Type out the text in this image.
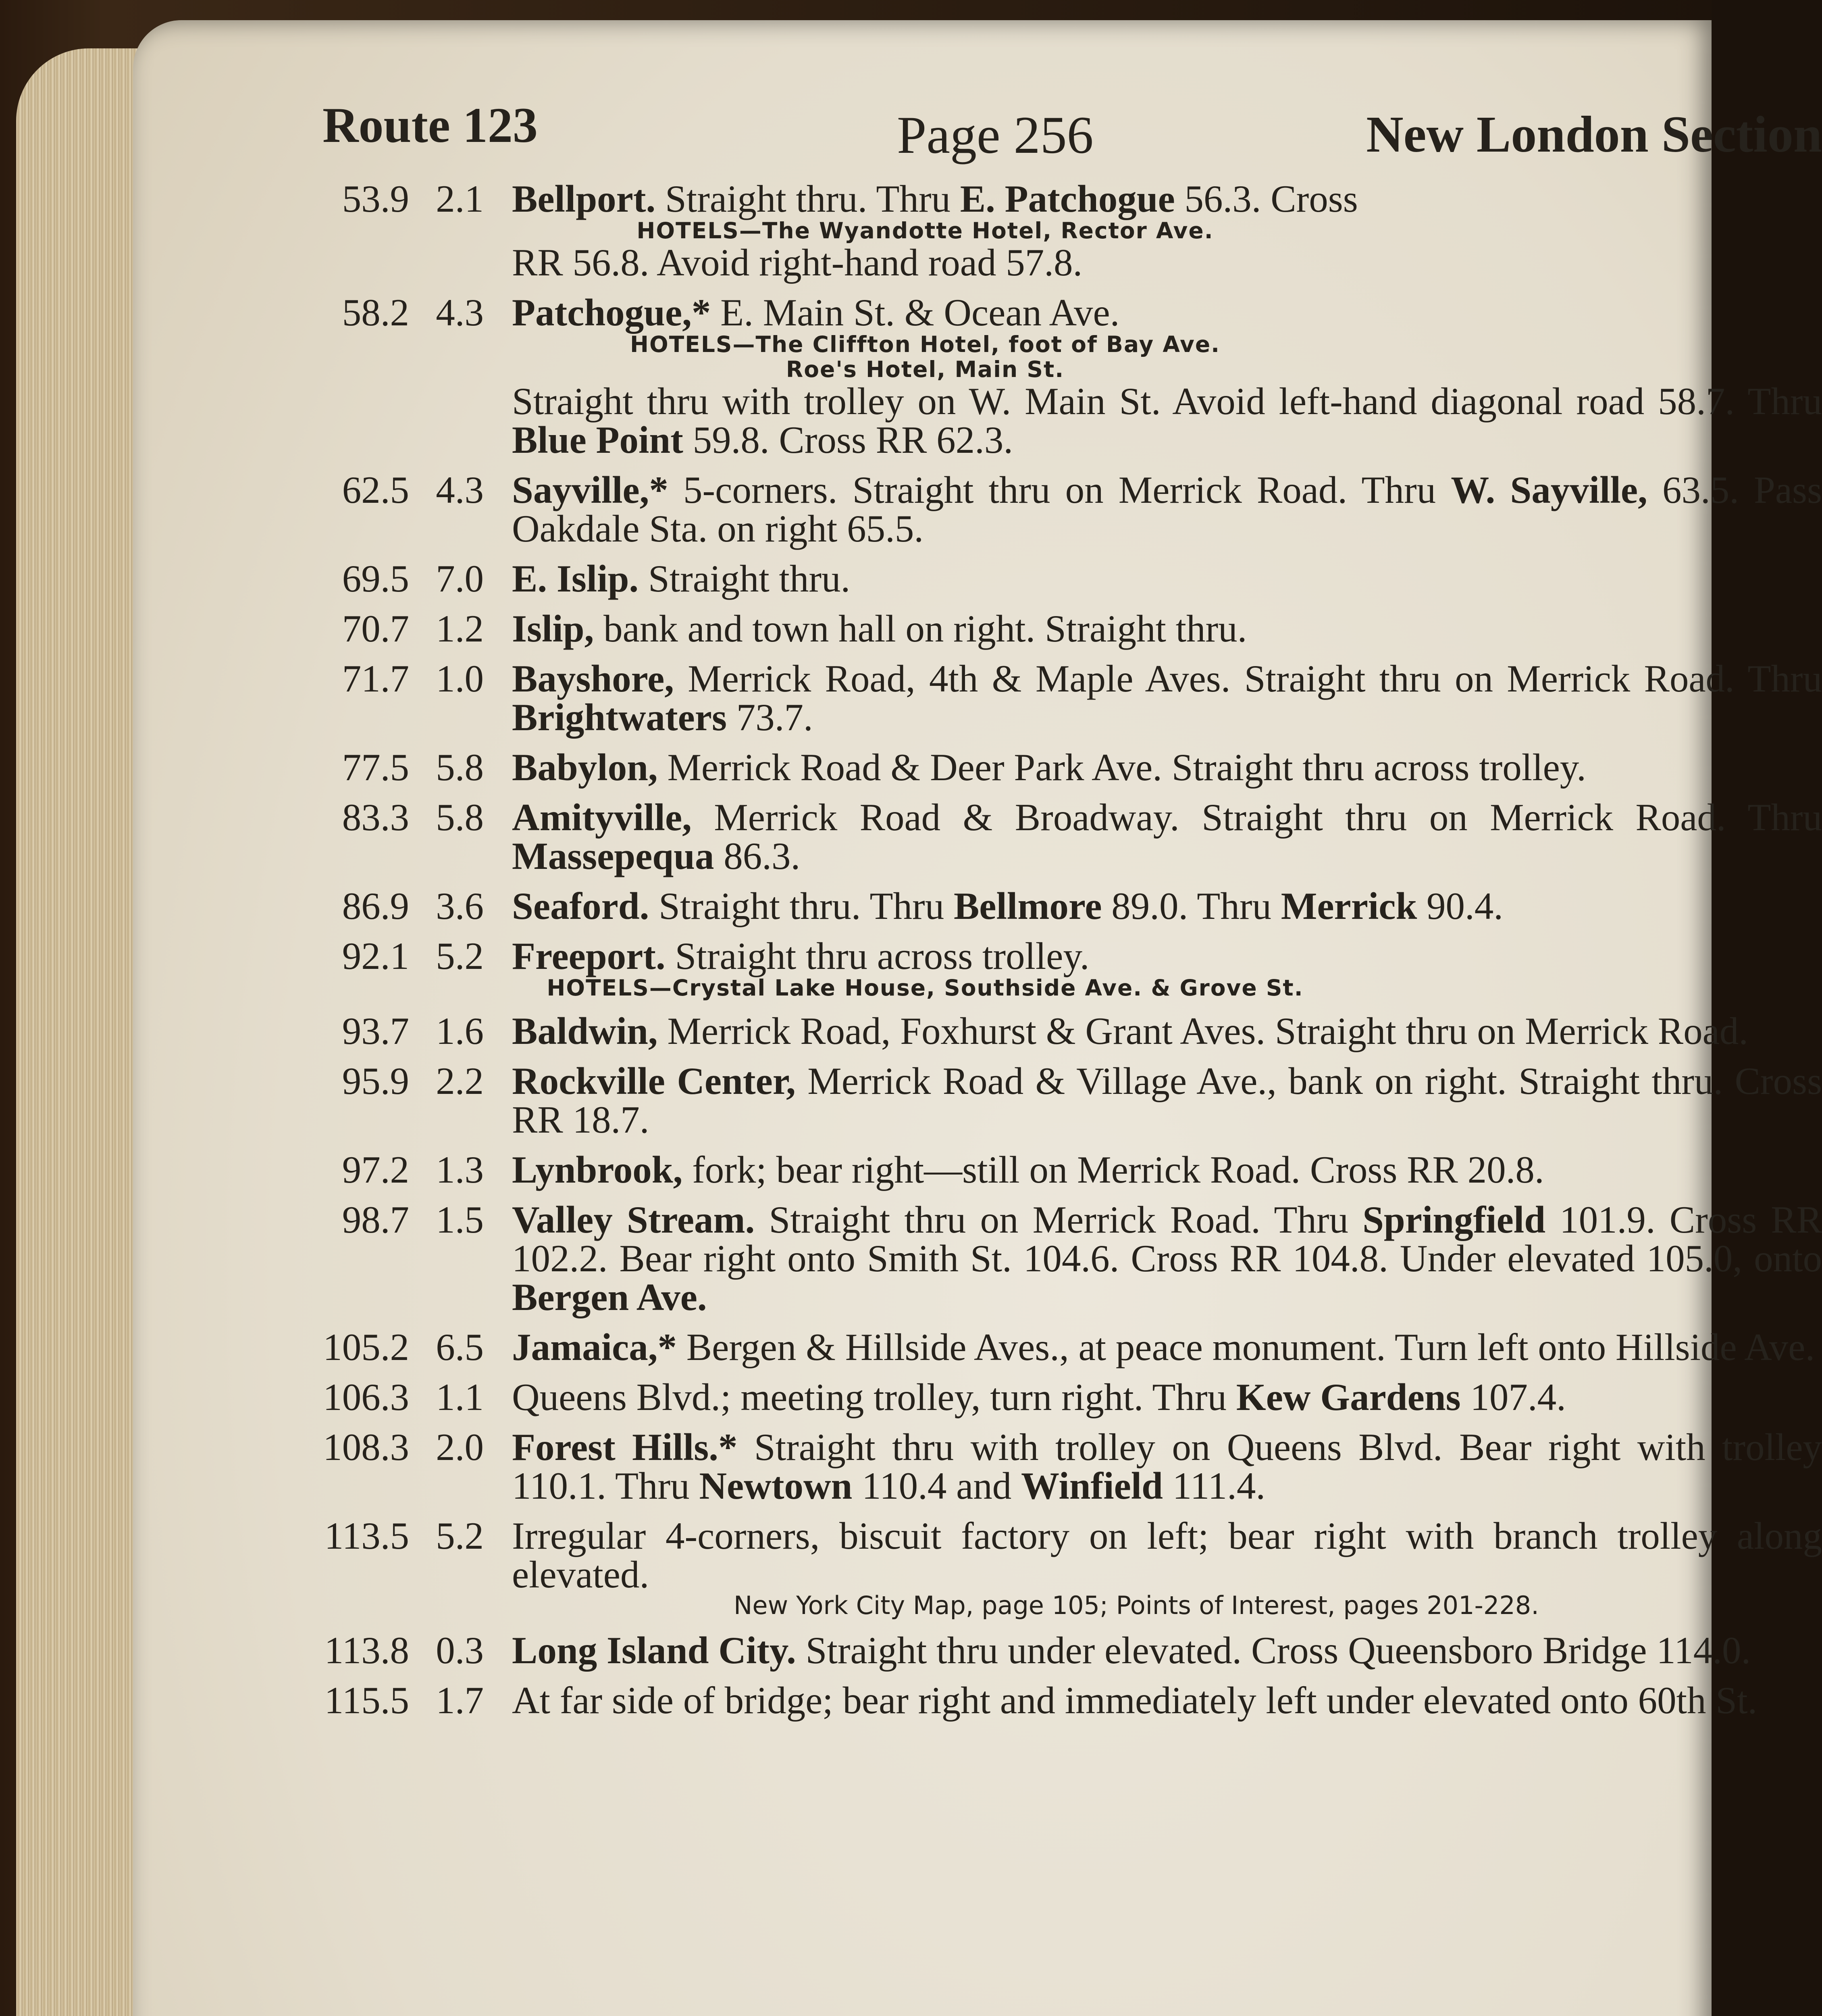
Route 123	Page 256	New London Section
53.9 2.1 Bellport. Straight thru. Thru E. Patchogue 56.3. Cross
HOTELS—The Wyandotte Hotel, Rector Ave.
RR 56.8. Avoid right-hand road 57.8.
58.2 4.3 Patchogue,* E. Main St. & Ocean Ave.
HOTELS—The Cliffton Hotel, foot of Bay Ave.
Roe's Hotel, Main St.
Straight thru with trolley on W. Main St. Avoid left-hand diagonal road 58.7. Thru Blue Point 59.8. Cross RR 62.3.
62.5 4.3 Sayville,* 5-corners. Straight thru on Merrick Road. Thru W. Sayville, 63.5. Pass Oakdale Sta. on right 65.5.
69.5 7.0 E. Islip. Straight thru.
70.7 1.2 Islip, bank and town hall on right. Straight thru.
71.7 1.0 Bayshore, Merrick Road, 4th & Maple Aves. Straight thru on Merrick Road. Thru Brightwaters 73.7.
77.5 5.8 Babylon, Merrick Road & Deer Park Ave. Straight thru across trolley.
83.3 5.8 Amityville, Merrick Road & Broadway. Straight thru on Merrick Road. Thru Massepequa 86.3.
86.9 3.6 Seaford. Straight thru. Thru Bellmore 89.0. Thru Merrick 90.4.
92.1 5.2 Freeport. Straight thru across trolley.
HOTELS—Crystal Lake House, Southside Ave. & Grove St.
93.7 1.6 Baldwin, Merrick Road, Foxhurst & Grant Aves. Straight thru on Merrick Road.
95.9 2.2 Rockville Center, Merrick Road & Village Ave., bank on right. Straight thru. Cross RR 18.7.
97.2 1.3 Lynbrook, fork; bear right—still on Merrick Road. Cross RR 20.8.
98.7 1.5 Valley Stream. Straight thru on Merrick Road. Thru Springfield 101.9. Cross RR 102.2. Bear right onto Smith St. 104.6. Cross RR 104.8. Under elevated 105.0, onto Bergen Ave.
105.2 6.5 Jamaica,* Bergen & Hillside Aves., at peace monument. Turn left onto Hillside Ave.
106.3 1.1 Queens Blvd.; meeting trolley, turn right. Thru Kew Gardens 107.4.
108.3 2.0 Forest Hills.* Straight thru with trolley on Queens Blvd. Bear right with trolley 110.1. Thru Newtown 110.4 and Winfield 111.4.
113.5 5.2 Irregular 4-corners, biscuit factory on left; bear right with branch trolley along elevated.
New York City Map, page 105; Points of Interest, pages 201-228.
113.8 0.3 Long Island City. Straight thru under elevated. Cross Queensboro Bridge 114.0.
115.5 1.7 At far side of bridge; bear right and immediately left under elevated onto 60th St.
